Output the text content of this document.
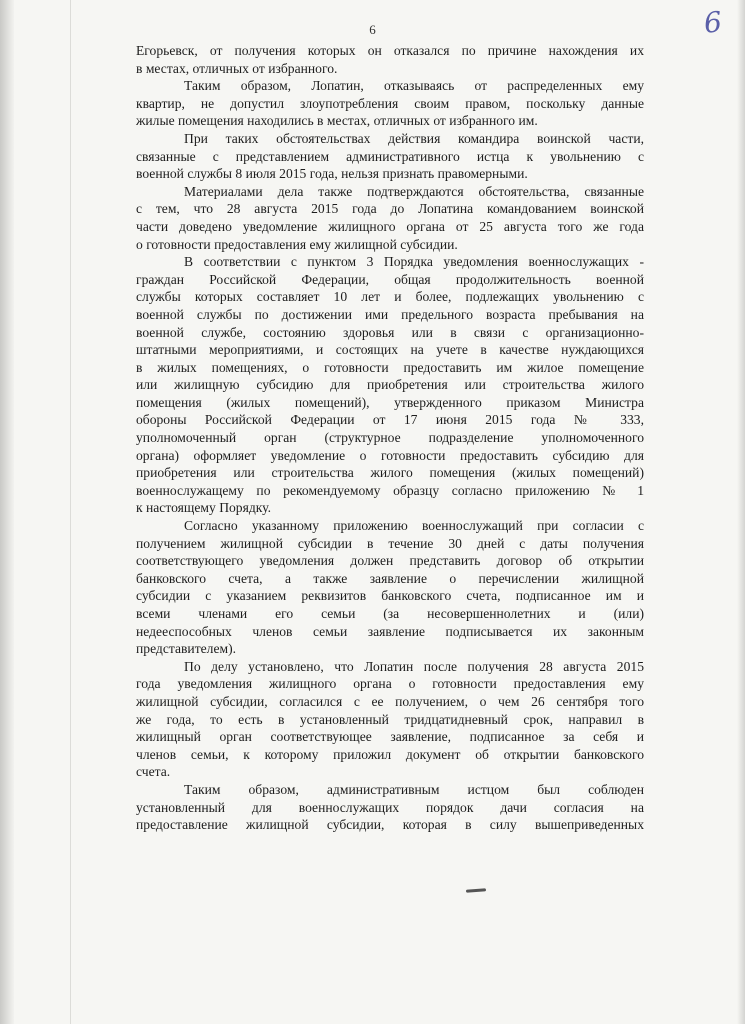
6	6
Егорьевск, от получения которых он отказался по причине нахождения их
в местах, отличных от избранного.
Таким образом, Лопатин, отказываясь от распределенных ему
квартир, не допустил злоупотребления своим правом, поскольку данные
жилые помещения находились в местах, отличных от избранного им.
При таких обстоятельствах действия командира воинской части,
связанные с представлением административного истца к увольнению с
военной службы 8 июля 2015 года, нельзя признать правомерными.
Материалами дела также подтверждаются обстоятельства, связанные
с тем, что 28 августа 2015 года до Лопатина командованием воинской
части доведено уведомление жилищного органа от 25 августа того же года
о готовности предоставления ему жилищной субсидии.
В соответствии с пунктом 3 Порядка уведомления военнослужащих -
граждан Российской Федерации, общая продолжительность военной
службы которых составляет 10 лет и более, подлежащих увольнению с
военной службы по достижении ими предельного возраста пребывания на
военной службе, состоянию здоровья или в связи с организационно-
штатными мероприятиями, и состоящих на учете в качестве нуждающихся
в жилых помещениях, о готовности предоставить им жилое помещение
или жилищную субсидию для приобретения или строительства жилого
помещения (жилых помещений), утвержденного приказом Министра
обороны Российской Федерации от 17 июня 2015 года № 333,
уполномоченный орган (структурное подразделение уполномоченного
органа) оформляет уведомление о готовности предоставить субсидию для
приобретения или строительства жилого помещения (жилых помещений)
военнослужащему по рекомендуемому образцу согласно приложению № 1
к настоящему Порядку.
Согласно указанному приложению военнослужащий при согласии с
получением жилищной субсидии в течение 30 дней с даты получения
соответствующего уведомления должен представить договор об открытии
банковского счета, а также заявление о перечислении жилищной
субсидии с указанием реквизитов банковского счета, подписанное им и
всеми членами его семьи (за несовершеннолетних и (или)
недееспособных членов семьи заявление подписывается их законным
представителем).
По делу установлено, что Лопатин после получения 28 августа 2015
года уведомления жилищного органа о готовности предоставления ему
жилищной субсидии, согласился с ее получением, о чем 26 сентября того
же года, то есть в установленный тридцатидневный срок, направил в
жилищный орган соответствующее заявление, подписанное за себя и
членов семьи, к которому приложил документ об открытии банковского
счета.
Таким образом, административным истцом был соблюден
установленный для военнослужащих порядок дачи согласия на
предоставление жилищной субсидии, которая в силу вышеприведенных
